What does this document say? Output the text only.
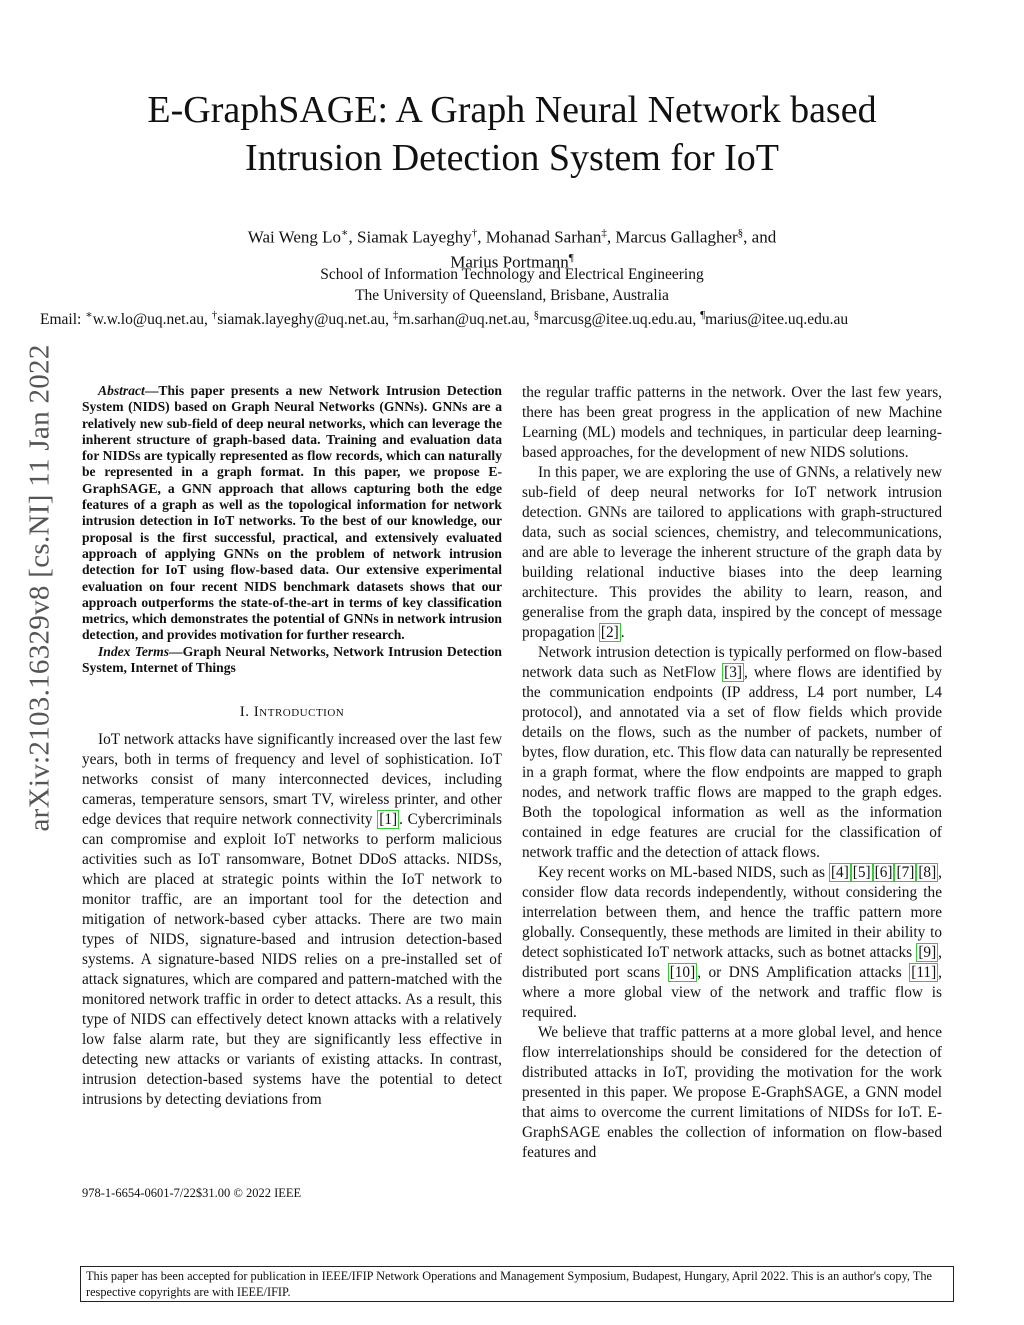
E-GraphSAGE: A Graph Neural Network based
Intrusion Detection System for IoT
Wai Weng Lo∗, Siamak Layeghy†, Mohanad Sarhan‡, Marcus Gallagher§, and
Marius Portmann¶
School of Information Technology and Electrical Engineering
The University of Queensland, Brisbane, Australia
Email: ∗w.w.lo@uq.net.au, †siamak.layeghy@uq.net.au, ‡m.sarhan@uq.net.au, §marcusg@itee.uq.edu.au, ¶marius@itee.uq.edu.au
arXiv:2103.16329v8 [cs.NI] 11 Jan 2022	Abstract—This paper presents a new Network Intrusion Detection System (NIDS) based on Graph Neural Networks (GNNs). GNNs are a relatively new sub-field of deep neural networks, which can leverage the inherent structure of graph-based data. Training and evaluation data for NIDSs are typically represented as flow records, which can naturally be represented in a graph format. In this paper, we propose E-GraphSAGE, a GNN approach that allows capturing both the edge features of a graph as well as the topological information for network intrusion detection in IoT networks. To the best of our knowledge, our proposal is the first successful, practical, and extensively evaluated approach of applying GNNs on the problem of network intrusion detection for IoT using flow-based data. Our extensive experimental evaluation on four recent NIDS benchmark datasets shows that our approach outperforms the state-of-the-art in terms of key classification metrics, which demonstrates the potential of GNNs in network intrusion detection, and provides motivation for further research.

Index Terms—Graph Neural Networks, Network Intrusion Detection System, Internet of Things

I. Introduction

IoT network attacks have significantly increased over the last few years, both in terms of frequency and level of sophistication. IoT networks consist of many interconnected devices, including cameras, temperature sensors, smart TV, wireless printer, and other edge devices that require network connectivity [1] . Cybercriminals can compromise and exploit IoT networks to perform malicious activities such as IoT ransomware, Botnet DDoS attacks. NIDSs, which are placed at strategic points within the IoT network to monitor traffic, are an important tool for the detection and mitigation of network-based cyber attacks. There are two main types of NIDS, signature-based and intrusion detection-based systems. A signature-based NIDS relies on a pre-installed set of attack signatures, which are compared and pattern-matched with the monitored network traffic in order to detect attacks. As a result, this type of NIDS can effectively detect known attacks with a relatively low false alarm rate, but they are significantly less effective in detecting new attacks or variants of existing attacks. In contrast, intrusion detection-based systems have the potential to detect intrusions by detecting deviations from

the regular traffic patterns in the network. Over the last few years, there has been great progress in the application of new Machine Learning (ML) models and techniques, in particular deep learning-based approaches, for the development of new NIDS solutions.

In this paper, we are exploring the use of GNNs, a relatively new sub-field of deep neural networks for IoT network intrusion detection. GNNs are tailored to applications with graph-structured data, such as social sciences, chemistry, and telecommunications, and are able to leverage the inherent structure of the graph data by building relational inductive biases into the deep learning architecture. This provides the ability to learn, reason, and generalise from the graph data, inspired by the concept of message propagation [2] .

Network intrusion detection is typically performed on flow-based network data such as NetFlow [3] , where flows are identified by the communication endpoints (IP address, L4 port number, L4 protocol), and annotated via a set of flow fields which provide details on the flows, such as the number of packets, number of bytes, flow duration, etc. This flow data can naturally be represented in a graph format, where the flow endpoints are mapped to graph nodes, and network traffic flows are mapped to the graph edges. Both the topological information as well as the information contained in edge features are crucial for the classification of network traffic and the detection of attack flows.

Key recent works on ML-based NIDS, such as [4] [5] [6] [7] [8] , consider flow data records independently, without considering the interrelation between them, and hence the traffic pattern more globally. Consequently, these methods are limited in their ability to detect sophisticated IoT network attacks, such as botnet attacks [9] , distributed port scans [10] , or DNS Amplification attacks [11] , where a more global view of the network and traffic flow is required.

We believe that traffic patterns at a more global level, and hence flow interrelationships should be considered for the detection of distributed attacks in IoT, providing the motivation for the work presented in this paper. We propose E-GraphSAGE, a GNN model that aims to overcome the current limitations of NIDSs for IoT. E-GraphSAGE enables the collection of information on flow-based features and

978-1-6654-0601-7/22$31.00 © 2022 IEEE
This paper has been accepted for publication in IEEE/IFIP Network Operations and Management Symposium, Budapest, Hungary, April 2022. This is an author's copy, The respective copyrights are with IEEE/IFIP.
